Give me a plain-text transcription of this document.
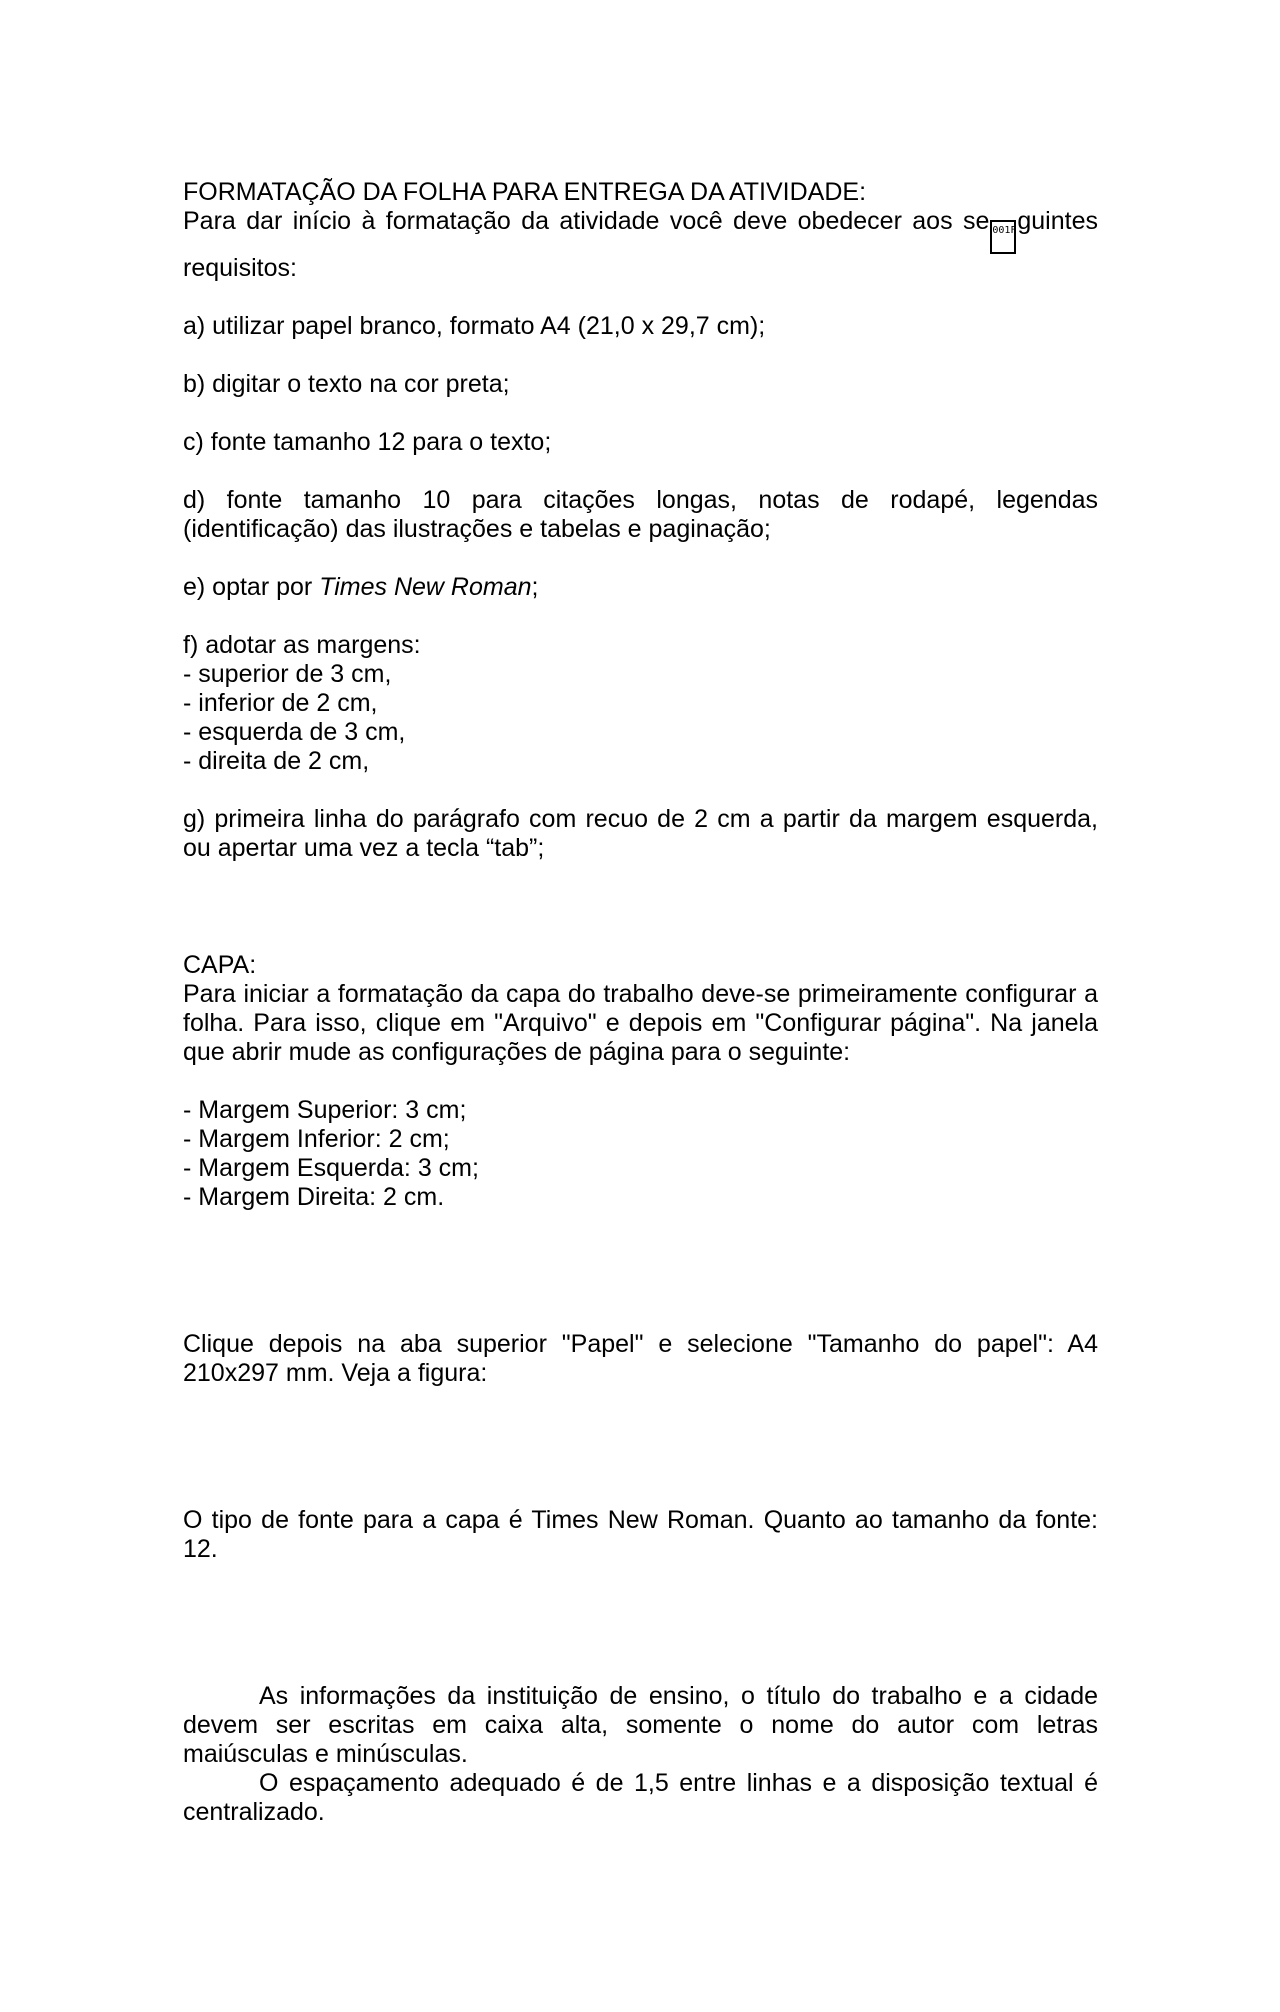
FORMATAÇÃO DA FOLHA PARA ENTREGA DA ATIVIDADE:

Para dar início à formatação da atividade você deve obedecer aos se 001Fguintes requisitos:

a) utilizar papel branco, formato A4 (21,0 x 29,7 cm);

b) digitar o texto na cor preta;

c) fonte tamanho 12 para o texto;

d) fonte tamanho 10 para citações longas, notas de rodapé, legendas (identificação) das ilustrações e tabelas e paginação;

e) optar por Times New Roman;

f) adotar as margens:

- superior de 3 cm,

- inferior de 2 cm,

- esquerda de 3 cm,

- direita de 2 cm,

g) primeira linha do parágrafo com recuo de 2 cm a partir da margem esquerda, ou apertar uma vez a tecla “tab”;

CAPA:

Para iniciar a formatação da capa do trabalho deve-se primeiramente configurar a folha. Para isso, clique em "Arquivo" e depois em "Configurar página". Na janela que abrir mude as configurações de página para o seguinte:

- Margem Superior: 3 cm;

- Margem Inferior: 2 cm;

- Margem Esquerda: 3 cm;

- Margem Direita: 2 cm.

Clique depois na aba superior "Papel" e selecione "Tamanho do papel": A4 210x297 mm. Veja a figura:

O tipo de fonte para a capa é Times New Roman. Quanto ao tamanho da fonte: 12.

As informações da instituição de ensino, o título do trabalho e a cidade devem ser escritas em caixa alta, somente o nome do autor com letras maiúsculas e minúsculas.

O espaçamento adequado é de 1,5 entre linhas e a disposição textual é centralizado.
